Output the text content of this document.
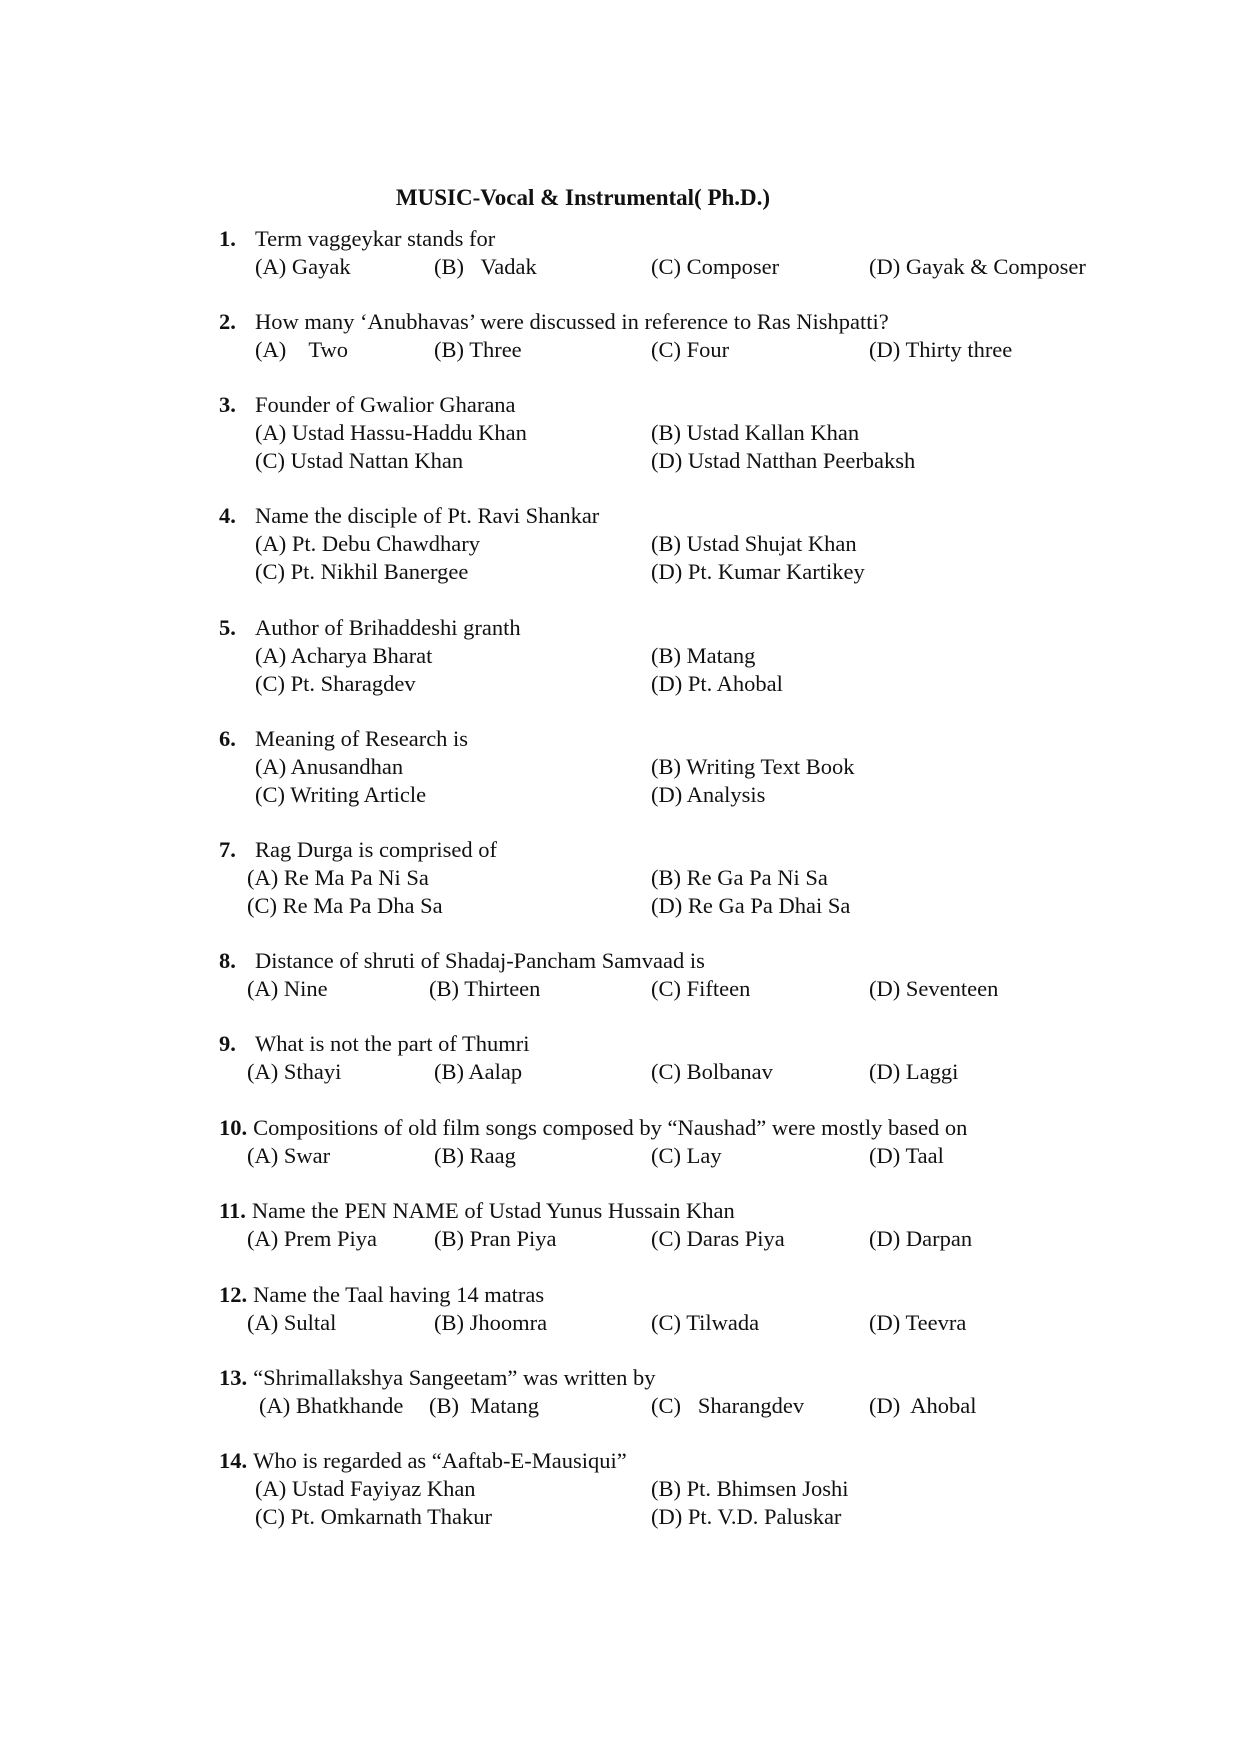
MUSIC-Vocal & Instrumental( Ph.D.)
1. Term vaggeykar stands for

(A) Gayak

	(B)   Vadak

	(C) Composer

	(D) Gayak & Composer

2. How many ‘Anubhavas’ were discussed in reference to Ras Nishpatti?

(A)    Two

	(B) Three

	(C) Four

	(D) Thirty three

3. Founder of Gwalior Gharana

(A) Ustad Hassu-Haddu Khan

	(B) Ustad Kallan Khan

(C) Ustad Nattan Khan

	(D) Ustad Natthan Peerbaksh

4. Name the disciple of Pt. Ravi Shankar

(A) Pt. Debu Chawdhary

	(B) Ustad Shujat Khan

(C) Pt. Nikhil Banergee

	(D) Pt. Kumar Kartikey

5. Author of Brihaddeshi granth

(A) Acharya Bharat

	(B) Matang

(C) Pt. Sharagdev

	(D) Pt. Ahobal

6. Meaning of Research is

(A) Anusandhan

	(B) Writing Text Book

(C) Writing Article

	(D) Analysis

7. Rag Durga is comprised of

(A) Re Ma Pa Ni Sa

	(B) Re Ga Pa Ni Sa

(C) Re Ma Pa Dha Sa

	(D) Re Ga Pa Dhai Sa

8. Distance of shruti of Shadaj-Pancham Samvaad is

(A) Nine

	(B) Thirteen

	(C) Fifteen

	(D) Seventeen

9. What is not the part of Thumri

(A) Sthayi

	(B) Aalap

	(C) Bolbanav

	(D) Laggi

10. Compositions of old film songs composed by “Naushad” were mostly based on

(A) Swar

	(B) Raag

	(C) Lay

	(D) Taal

11. Name the PEN NAME of Ustad Yunus Hussain Khan

(A) Prem Piya

	(B) Pran Piya

	(C) Daras Piya

	(D) Darpan

12. Name the Taal having 14 matras

(A) Sultal

	(B) Jhoomra

	(C) Tilwada

	(D) Teevra

13. “Shrimallakshya Sangeetam” was written by

(A) Bhatkhande

(B)  Matang

	(C)   Sharangdev

	(D)  Ahobal

14. Who is regarded as “Aaftab-E-Mausiqui”

(A) Ustad Fayiyaz Khan

	(B) Pt. Bhimsen Joshi

(C) Pt. Omkarnath Thakur

	(D) Pt. V.D. Paluskar
